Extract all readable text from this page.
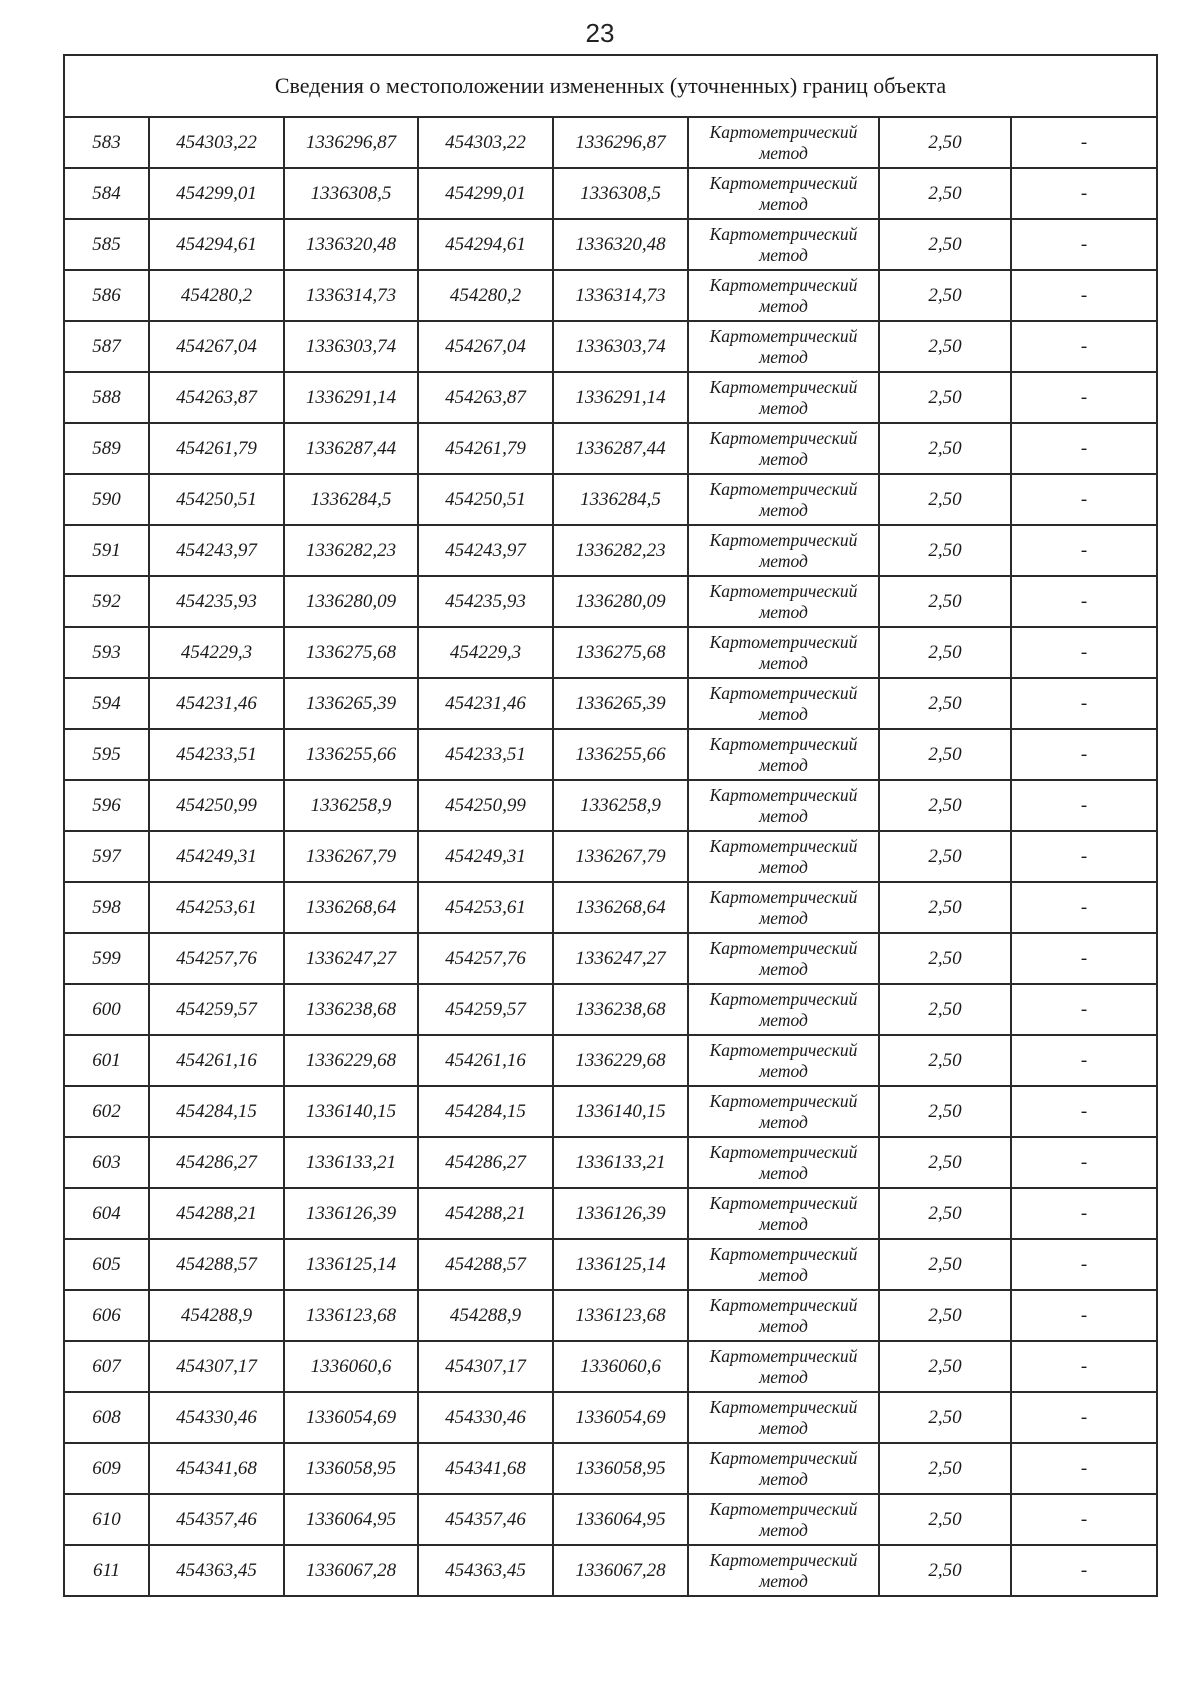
23
Сведения о местоположении измененных (уточненных) границ объекта							
583	454303,22	1336296,87	454303,22	1336296,87	Картометрический метод	2,50	-
584	454299,01	1336308,5	454299,01	1336308,5	Картометрический метод	2,50	-
585	454294,61	1336320,48	454294,61	1336320,48	Картометрический метод	2,50	-
586	454280,2	1336314,73	454280,2	1336314,73	Картометрический метод	2,50	-
587	454267,04	1336303,74	454267,04	1336303,74	Картометрический метод	2,50	-
588	454263,87	1336291,14	454263,87	1336291,14	Картометрический метод	2,50	-
589	454261,79	1336287,44	454261,79	1336287,44	Картометрический метод	2,50	-
590	454250,51	1336284,5	454250,51	1336284,5	Картометрический метод	2,50	-
591	454243,97	1336282,23	454243,97	1336282,23	Картометрический метод	2,50	-
592	454235,93	1336280,09	454235,93	1336280,09	Картометрический метод	2,50	-
593	454229,3	1336275,68	454229,3	1336275,68	Картометрический метод	2,50	-
594	454231,46	1336265,39	454231,46	1336265,39	Картометрический метод	2,50	-
595	454233,51	1336255,66	454233,51	1336255,66	Картометрический метод	2,50	-
596	454250,99	1336258,9	454250,99	1336258,9	Картометрический метод	2,50	-
597	454249,31	1336267,79	454249,31	1336267,79	Картометрический метод	2,50	-
598	454253,61	1336268,64	454253,61	1336268,64	Картометрический метод	2,50	-
599	454257,76	1336247,27	454257,76	1336247,27	Картометрический метод	2,50	-
600	454259,57	1336238,68	454259,57	1336238,68	Картометрический метод	2,50	-
601	454261,16	1336229,68	454261,16	1336229,68	Картометрический метод	2,50	-
602	454284,15	1336140,15	454284,15	1336140,15	Картометрический метод	2,50	-
603	454286,27	1336133,21	454286,27	1336133,21	Картометрический метод	2,50	-
604	454288,21	1336126,39	454288,21	1336126,39	Картометрический метод	2,50	-
605	454288,57	1336125,14	454288,57	1336125,14	Картометрический метод	2,50	-
606	454288,9	1336123,68	454288,9	1336123,68	Картометрический метод	2,50	-
607	454307,17	1336060,6	454307,17	1336060,6	Картометрический метод	2,50	-
608	454330,46	1336054,69	454330,46	1336054,69	Картометрический метод	2,50	-
609	454341,68	1336058,95	454341,68	1336058,95	Картометрический метод	2,50	-
610	454357,46	1336064,95	454357,46	1336064,95	Картометрический метод	2,50	-
611	454363,45	1336067,28	454363,45	1336067,28	Картометрический метод	2,50	-
